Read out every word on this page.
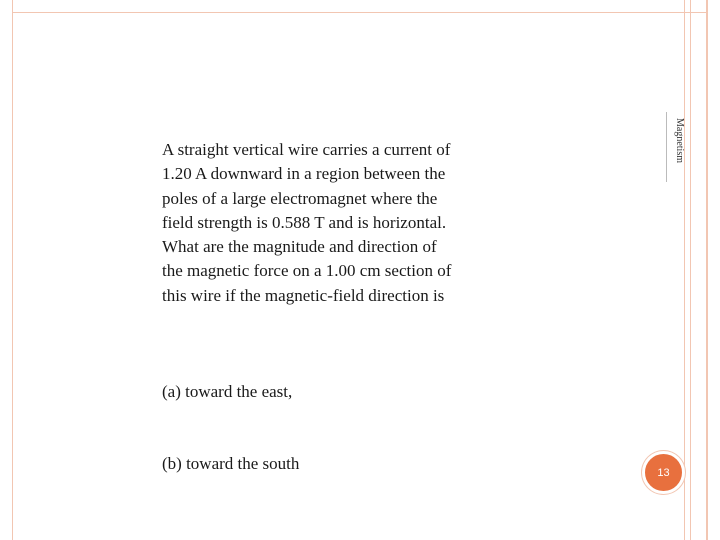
A straight vertical wire carries a current of
1.20 A downward in a region between the
poles of a large electromagnet where the
field strength is 0.588 T and is horizontal.
What are the magnitude and direction of
the magnetic force on a 1.00 cm section of
this wire if the magnetic-field direction is

(a) toward the east,

(b) toward the south

Magnetism
13
